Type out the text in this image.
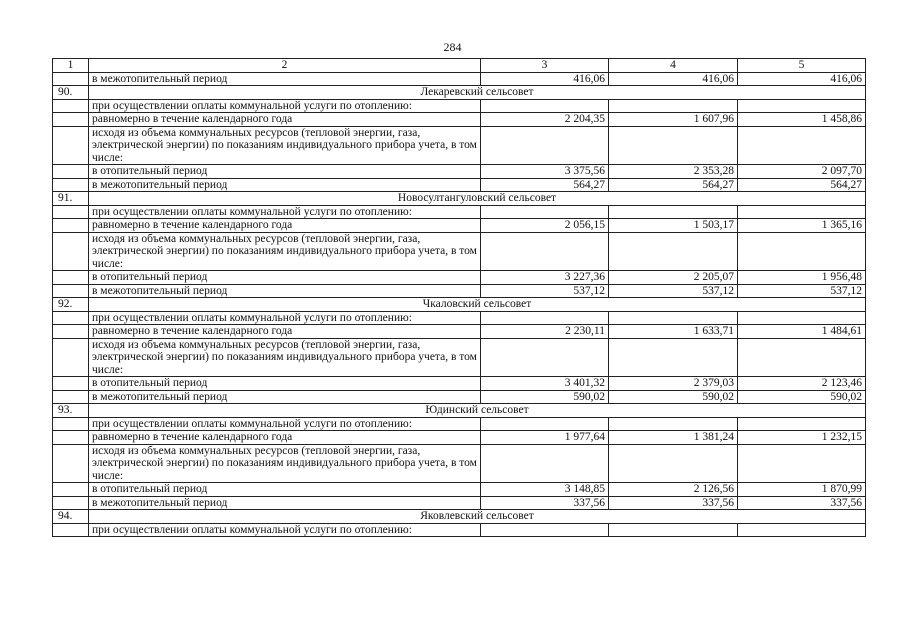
284
1	2	3	4	5
	в межотопительный период	416,06	416,06	416,06
90.	Лекаревский сельсовет			
	при осуществлении оплаты коммунальной услуги по отоплению:			
	равномерно в течение календарного года	2 204,35	1 607,96	1 458,86
	исходя из объема коммунальных ресурсов (тепловой энергии, газа, электрической энергии) по показаниям индивидуального прибора учета, в том числе:			
	в отопительный период	3 375,56	2 353,28	2 097,70
	в межотопительный период	564,27	564,27	564,27
91.	Новосултангуловский сельсовет			
	при осуществлении оплаты коммунальной услуги по отоплению:			
	равномерно в течение календарного года	2 056,15	1 503,17	1 365,16
	исходя из объема коммунальных ресурсов (тепловой энергии, газа, электрической энергии) по показаниям индивидуального прибора учета, в том числе:			
	в отопительный период	3 227,36	2 205,07	1 956,48
	в межотопительный период	537,12	537,12	537,12
92.	Чкаловский сельсовет			
	при осуществлении оплаты коммунальной услуги по отоплению:			
	равномерно в течение календарного года	2 230,11	1 633,71	1 484,61
	исходя из объема коммунальных ресурсов (тепловой энергии, газа, электрической энергии) по показаниям индивидуального прибора учета, в том числе:			
	в отопительный период	3 401,32	2 379,03	2 123,46
	в межотопительный период	590,02	590,02	590,02
93.	Юдинский сельсовет			
	при осуществлении оплаты коммунальной услуги по отоплению:			
	равномерно в течение календарного года	1 977,64	1 381,24	1 232,15
	исходя из объема коммунальных ресурсов (тепловой энергии, газа, электрической энергии) по показаниям индивидуального прибора учета, в том числе:			
	в отопительный период	3 148,85	2 126,56	1 870,99
	в межотопительный период	337,56	337,56	337,56
94.	Яковлевский сельсовет			
	при осуществлении оплаты коммунальной услуги по отоплению:			
